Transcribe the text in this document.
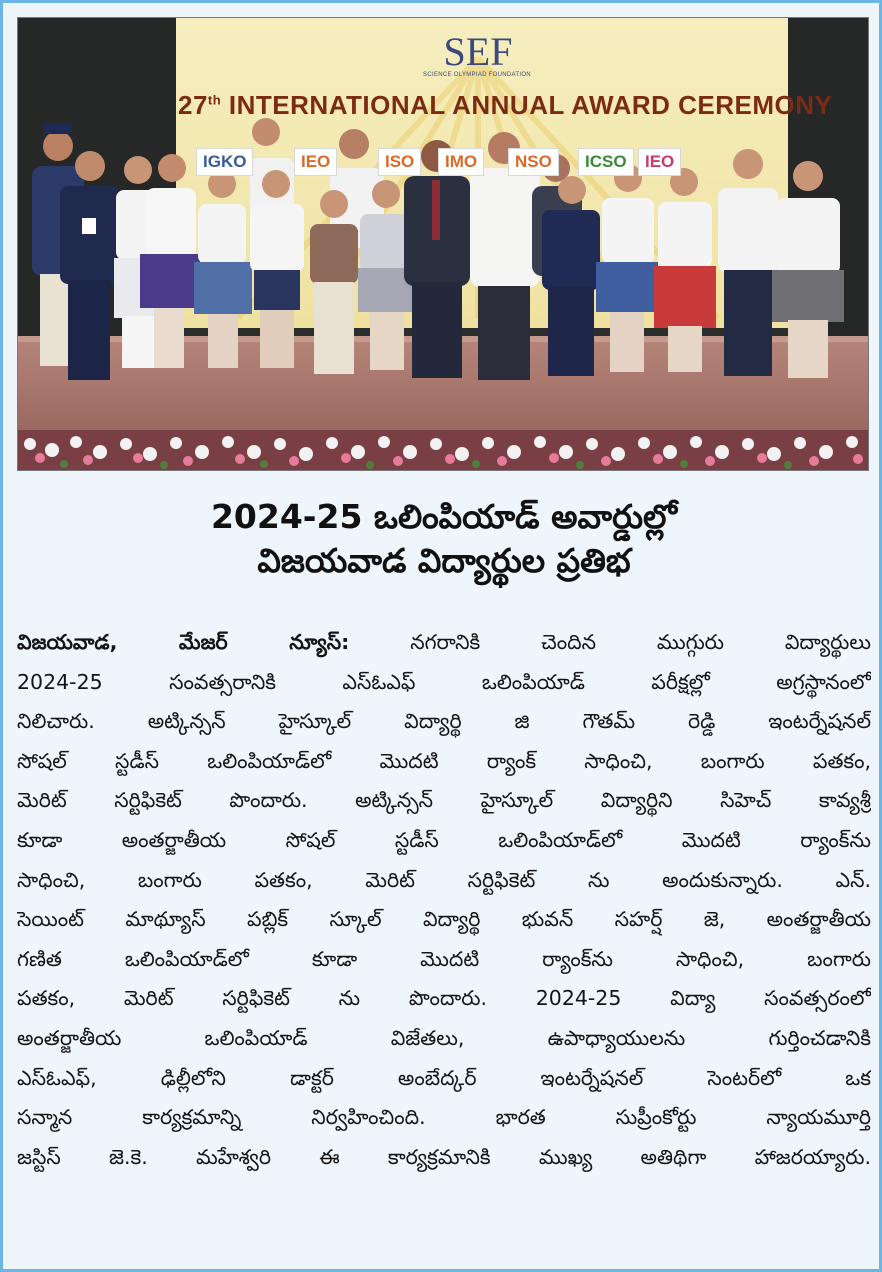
SEF
SCIENCE OLYMPIAD FOUNDATION
27th INTERNATIONAL ANNUAL AWARD CEREMONY
IGKO	IEO	ISO	IMO	NSO	ICSO	IEO
2024-25 ఒలింపియాడ్ అవార్డుల్లో
విజయవాడ విద్యార్థుల ప్రతిభ
విజయవాడ, మేజర్ న్యూస్: నగరానికి చెందిన ముగ్గురు విద్యార్థులు
2024-25 సంవత్సరానికి ఎస్ఓఎఫ్ ఒలింపియాడ్ పరీక్షల్లో అగ్రస్థానంలో
నిలిచారు. అట్కిన్సన్ హైస్కూల్ విద్యార్థి జి గౌతమ్ రెడ్డి ఇంటర్నేషనల్
సోషల్ స్టడీస్ ఒలింపియాడ్‌లో మొదటి ర్యాంక్ సాధించి, బంగారు పతకం,
మెరిట్ సర్టిఫికెట్ పొందారు. అట్కిన్సన్ హైస్కూల్ విద్యార్థిని సిహెచ్ కావ్యశ్రీ
కూడా అంతర్జాతీయ సోషల్ స్టడీస్ ఒలింపియాడ్‌లో మొదటి ర్యాంక్‌ను
సాధించి, బంగారు పతకం, మెరిట్ సర్టిఫికెట్ ను అందుకున్నారు. ఎన్.
సెయింట్ మాథ్యూస్ పబ్లిక్ స్కూల్ విద్యార్థి భువన్ సహర్ష్ జె, అంతర్జాతీయ
గణిత ఒలింపియాడ్‌లో కూడా మొదటి ర్యాంక్‌ను సాధించి, బంగారు
పతకం, మెరిట్ సర్టిఫికెట్ ను పొందారు. 2024-25 విద్యా సంవత్సరంలో
అంతర్జాతీయ ఒలింపియాడ్ విజేతలు, ఉపాధ్యాయులను గుర్తించడానికి
ఎస్ఓఎఫ్, ఢిల్లీలోని డాక్టర్ అంబేద్కర్ ఇంటర్నేషనల్ సెంటర్‌లో ఒక
సన్మాన కార్యక్రమాన్ని నిర్వహించింది. భారత సుప్రీంకోర్టు న్యాయమూర్తి
జస్టిస్ జె.కె. మహేశ్వరి ఈ కార్యక్రమానికి ముఖ్య అతిథిగా హాజరయ్యారు.
